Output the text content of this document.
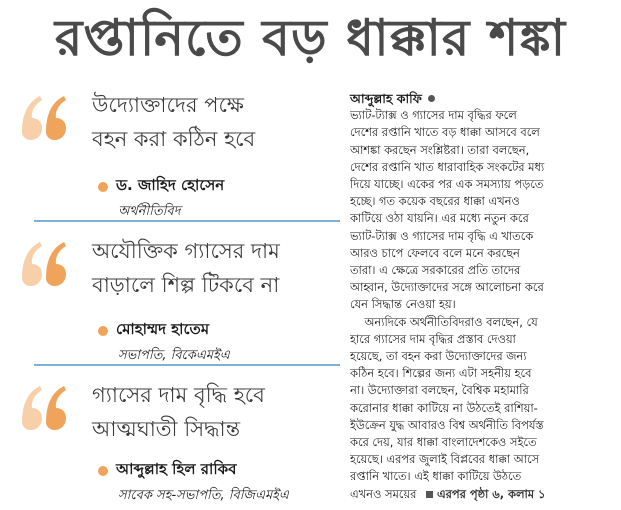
রপ্তানিতে বড় ধাক্কার শঙ্কা
উদ্যোক্তাদের পক্ষে
বহন করা কঠিন হবে
ড. জাহিদ হোসেন
অর্থনীতিবিদ
অযৌক্তিক গ্যাসের দাম
বাড়ালে শিল্প টিকবে না
মোহাম্মদ হাতেম
সভাপতি, বিকেএমইএ
গ্যাসের দাম বৃদ্ধি হবে
আত্মঘাতী সিদ্ধান্ত
আব্দুল্লাহ হিল রাকিব
সাবেক সহ-সভাপতি, বিজিএমইএ
আব্দুল্লাহ কাফি
ভ্যাট-ট্যাক্স ও গ্যাসের দাম বৃদ্ধির ফলে
দেশের রপ্তানি খাতে বড় ধাক্কা আসবে বলে
আশঙ্কা করছেন সংশ্লিষ্টরা। তারা বলছেন,
দেশের রপ্তানি খাত ধারাবাহিক সংকটের মধ্য
দিয়ে যাচ্ছে। একের পর এক সমস্যায় পড়তে
হচ্ছে। গত কয়েক বছরের ধাক্কা এখনও
কাটিয়ে ওঠা যায়নি। এর মধ্যে নতুন করে
ভ্যাট-ট্যাক্স ও গ্যাসের দাম বৃদ্ধি এ খাতকে
আরও চাপে ফেলবে বলে মনে করছেন
তারা। এ ক্ষেত্রে সরকারের প্রতি তাদের
আহ্বান, উদ্যোক্তাদের সঙ্গে আলোচনা করে
যেন সিদ্ধান্ত নেওয়া হয়।
অন্যদিকে অর্থনীতিবিদরাও বলছেন, যে
হারে গ্যাসের দাম বৃদ্ধির প্রস্তাব দেওয়া
হয়েছে, তা বহন করা উদ্যোক্তাদের জন্য
কঠিন হবে। শিল্পের জন্য এটা সহনীয় হবে
না। উদ্যোক্তারা বলছেন, বৈশ্বিক মহামারি
করোনার ধাক্কা কাটিয়ে না উঠতেই রাশিয়া-
ইউক্রেন যুদ্ধ আবারও বিশ্ব অর্থনীতি বিপর্যস্ত
করে দেয়, যার ধাক্কা বাংলাদেশকেও সইতে
হয়েছে। এরপর জুলাই বিপ্লবের ধাক্কা আসে
রপ্তানি খাতে। এই ধাক্কা কাটিয়ে উঠতে
এখনও সময়ের এরপর পৃষ্ঠা ৬, কলাম ১
